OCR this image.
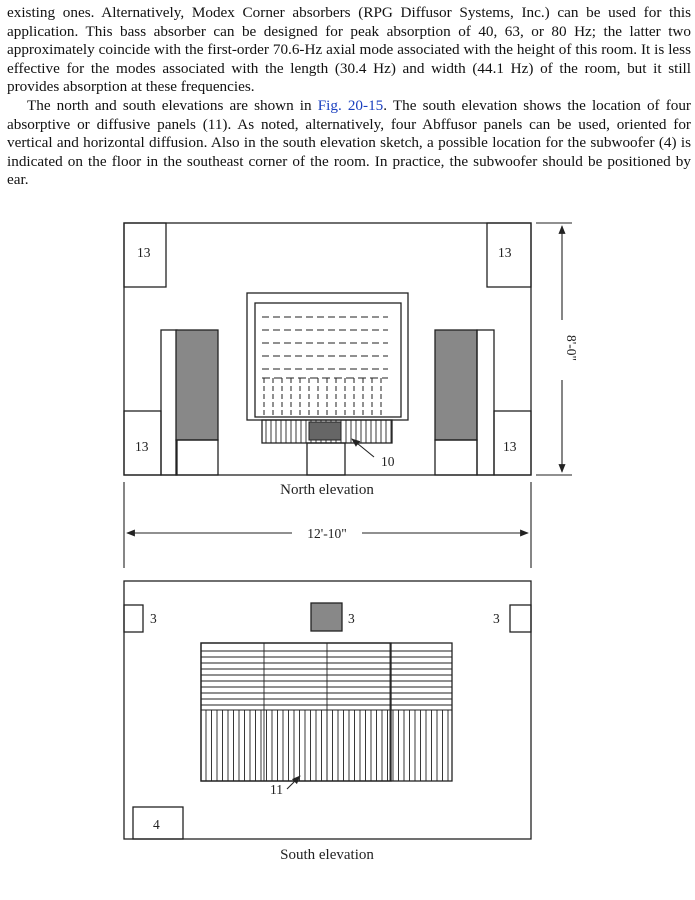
existing ones. Alternatively, Modex Corner absorbers (RPG Diffusor Systems, Inc.) can be used for this application. This bass absorber can be designed for peak absorption of 40, 63, or 80 Hz; the latter two approximately coincide with the first-order 70.6-Hz axial mode associated with the height of this room. It is less effective for the modes associated with the length (30.4 Hz) and width (44.1 Hz) of the room, but it still provides absorption at these frequencies.

The north and south elevations are shown in Fig. 20-15. The south elevation shows the location of four absorptive or diffusive panels (11). As noted, alternatively, four Abffusor panels can be used, oriented for vertical and horizontal diffusion. Also in the south elevation sketch, a possible location for the subwoofer (4) is indicated on the floor in the southeast corner of the room. In practice, the subwoofer should be positioned by ear.

13	13
13	13
10
North elevation
8'-0"
12'-10"
3	3	3
11
4
South elevation
